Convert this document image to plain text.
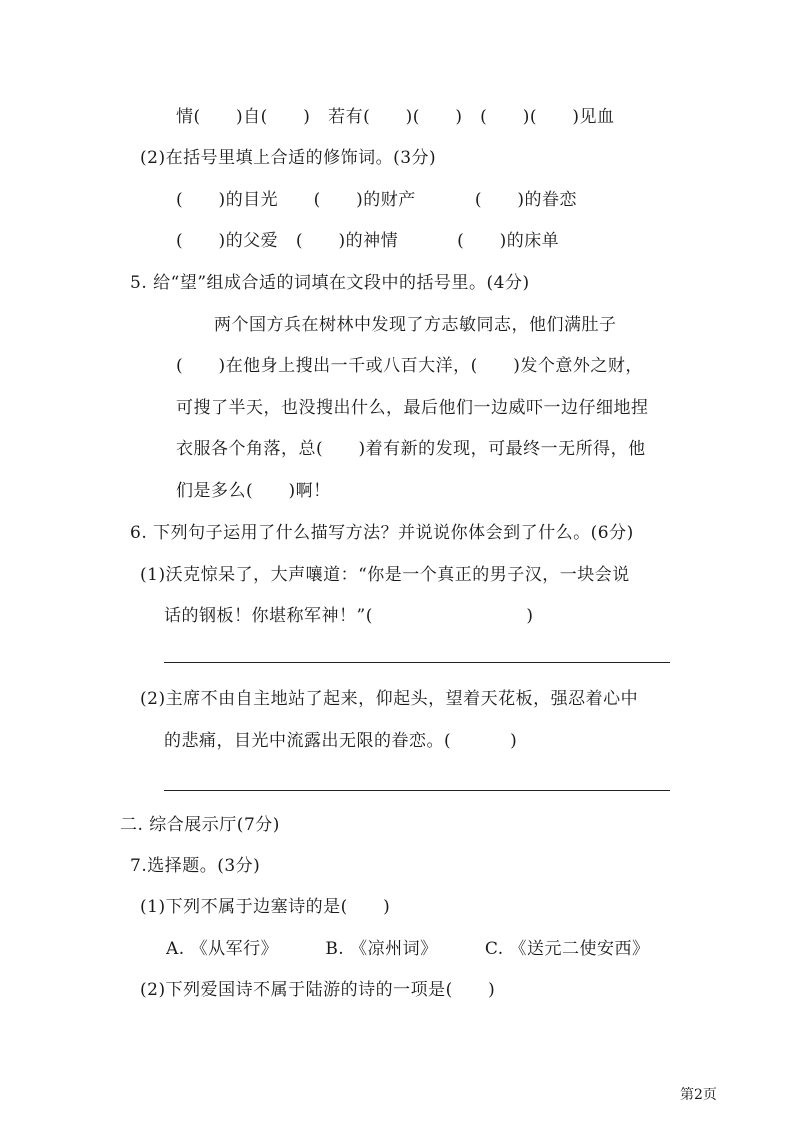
情(      )自(      )   若有(      )(      )   (      )(      )见血
(2)在括号里填上合适的修饰词。(3分)
(      )的目光      (      )的财产          (      )的眷恋
(      )的父爱   (      )的神情          (      )的床单
5. 给“望”组成合适的词填在文段中的括号里。(4分)
两个国方兵在树林中发现了方志敏同志，他们满肚子
(      )在他身上搜出一千或八百大洋，(      )发个意外之财，
可搜了半天，也没搜出什么，最后他们一边威吓一边仔细地捏
衣服各个角落，总(      )着有新的发现，可最终一无所得，他
们是多么(      )啊！
6. 下列句子运用了什么描写方法？并说说你体会到了什么。(6分)
(1)沃克惊呆了，大声嚷道：“你是一个真正的男子汉，一块会说
话的钢板！你堪称军神！”(                          )
(2)主席不由自主地站了起来，仰起头，望着天花板，强忍着心中
的悲痛，目光中流露出无限的眷恋。(          )
二. 综合展示厅(7分)
7.选择题。(3分)
(1)下列不属于边塞诗的是(      )
A. 《从军行》        B. 《凉州词》        C. 《送元二使安西》
(2)下列爱国诗不属于陆游的诗的一项是(      )
第2页
